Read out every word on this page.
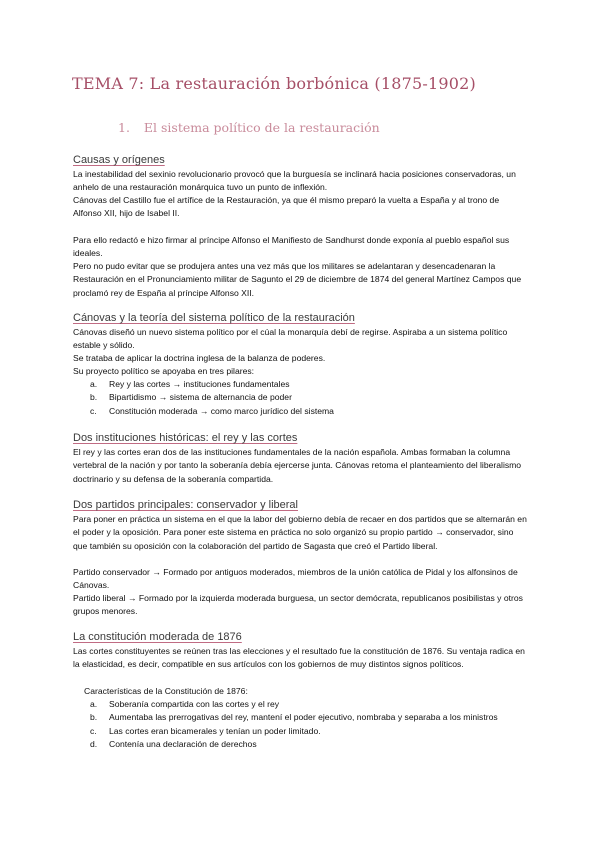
TEMA 7: La restauración borbónica (1875-1902)
1. El sistema político de la restauración
Causas y orígenes
La inestabilidad del sexinio revolucionario provocó que la burguesía se inclinará hacia posiciones conservadoras, un anhelo de una restauración monárquica tuvo un punto de inflexión.
Cánovas del Castillo fue el artífice de la Restauración, ya que él mismo preparó la vuelta a España y al trono de Alfonso XII, hijo de Isabel II.
Para ello redactó e hizo firmar al príncipe Alfonso el Manifiesto de Sandhurst donde exponía al pueblo español sus ideales.
Pero no pudo evitar que se produjera antes una vez más que los militares se adelantaran y desencadenaran la Restauración en el Pronunciamiento militar de Sagunto el 29 de diciembre de 1874 del general Martínez Campos que proclamó rey de España al príncipe Alfonso XII.
Cánovas y la teoría del sistema político de la restauración
Cánovas diseñó un nuevo sistema político por el cúal la monarquía debí de regirse. Aspiraba a un sistema político estable y sólido.
Se trataba de aplicar la doctrina inglesa de la balanza de poderes.
Su proyecto político se apoyaba en tres pilares:
a. Rey y las cortes → instituciones fundamentales
b. Bipartidismo → sistema de alternancia de poder
c. Constitución moderada → como marco jurídico del sistema
Dos instituciones históricas: el rey y las cortes
El rey y las cortes eran dos de las instituciones fundamentales de la nación española. Ambas formaban la columna vertebral de la nación y por tanto la soberanía debía ejercerse junta. Cánovas retoma el planteamiento del liberalismo doctrinario y su defensa de la soberanía compartida.
Dos partidos principales: conservador y liberal
Para poner en práctica un sistema en el que la labor del gobierno debía de recaer en dos partidos que se alternarán en el poder y la oposición. Para poner este sistema en práctica no solo organizó su propio partido → conservador, sino que también su oposición con la colaboración del partido de Sagasta que creó el Partido liberal.
Partido conservador → Formado por antiguos moderados, miembros de la unión católica de Pidal y los alfonsinos de Cánovas.
Partido liberal → Formado por la izquierda moderada burguesa, un sector demócrata, republicanos posibilistas y otros grupos menores.
La constitución moderada de 1876
Las cortes constituyentes se reúnen tras las elecciones y el resultado fue la constitución de 1876. Su ventaja radica en la elasticidad, es decir, compatible en sus artículos con los gobiernos de muy distintos signos políticos.
Características de la Constitución de 1876:
a. Soberanía compartida con las cortes y el rey
b. Aumentaba las prerrogativas del rey, mantení el poder ejecutivo, nombraba y separaba a los ministros
c. Las cortes eran bicamerales y tenían un poder limitado.
d. Contenía una declaración de derechos
